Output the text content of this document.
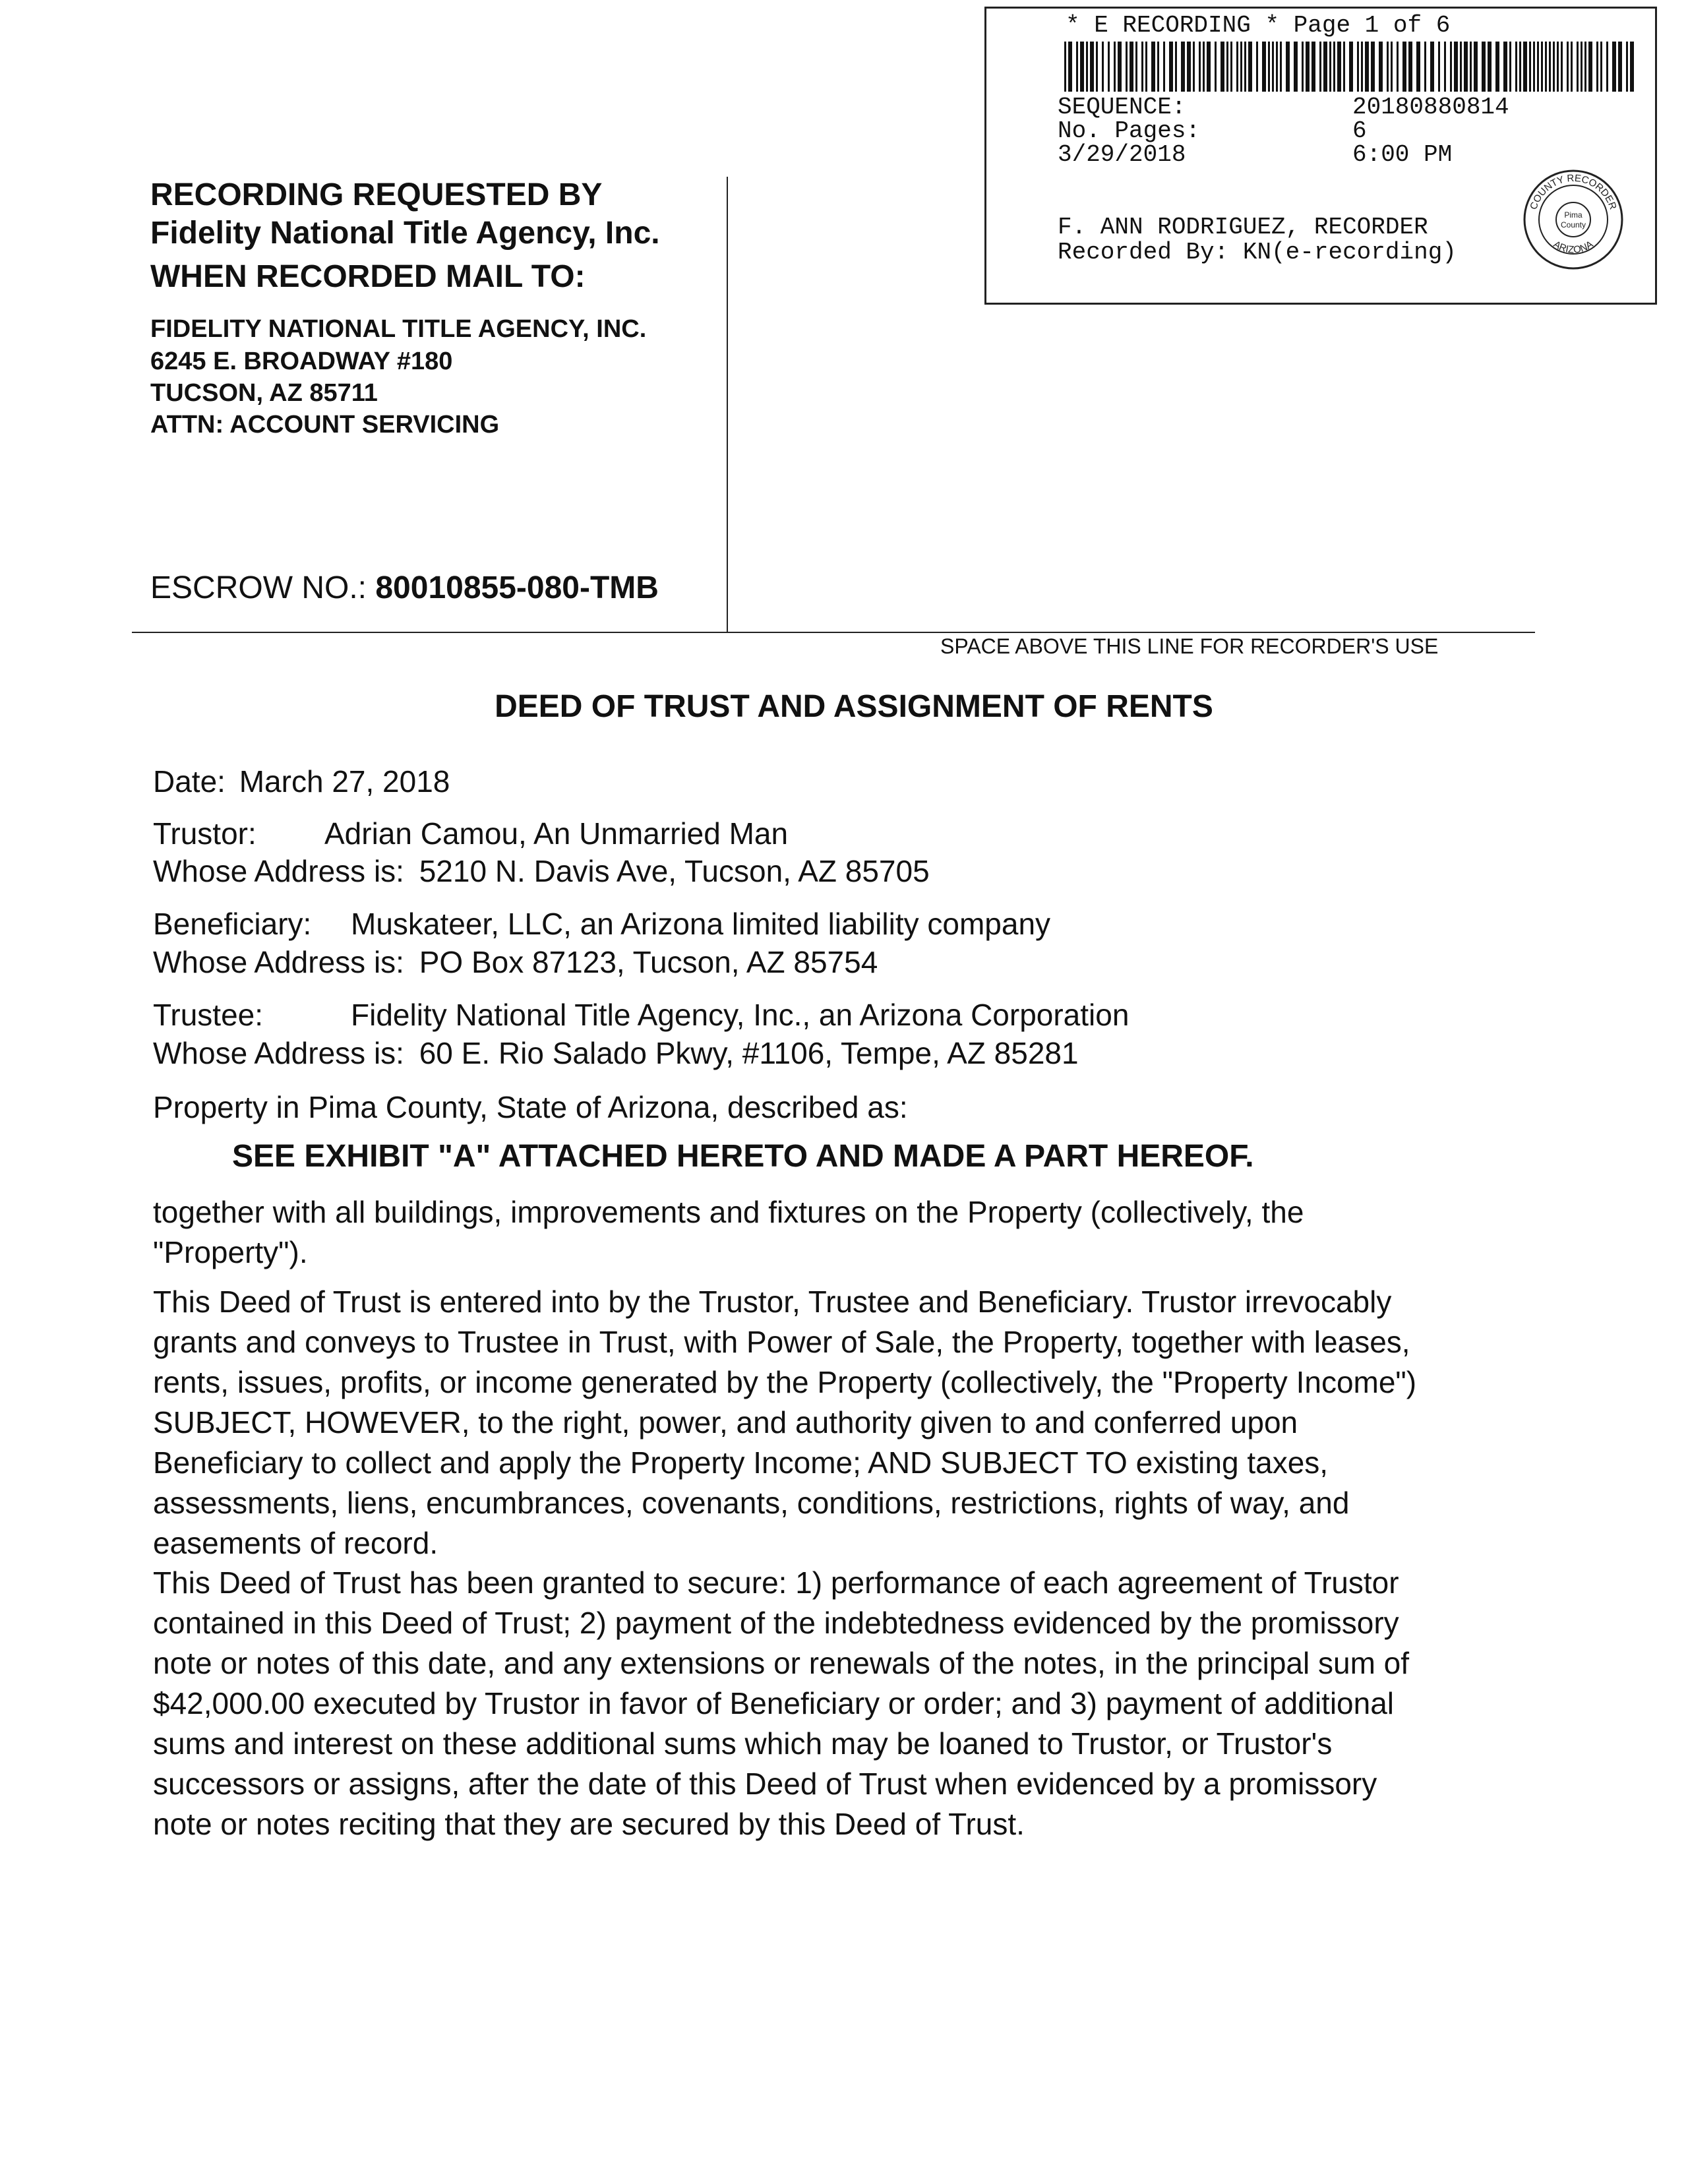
* E RECORDING * Page 1 of 6
SEQUENCE:	20180880814
No. Pages:	6
3/29/2018	6:00 PM
F. ANN RODRIGUEZ, RECORDER
Recorded By: KN(e-recording)
COUNTY RECORDER
ARIZONA
Pima
County
RECORDING REQUESTED BY
Fidelity National Title Agency, Inc.
WHEN RECORDED MAIL TO:
FIDELITY NATIONAL TITLE AGENCY, INC.
6245 E. BROADWAY #180
TUCSON, AZ 85711
ATTN: ACCOUNT SERVICING
ESCROW NO.: 80010855-080-TMB
SPACE ABOVE THIS LINE FOR RECORDER'S USE
DEED OF TRUST AND ASSIGNMENT OF RENTS
Date: March 27, 2018
Trustor: Adrian Camou, An Unmarried Man
Whose Address is: 5210 N. Davis Ave, Tucson, AZ 85705
Beneficiary: Muskateer, LLC, an Arizona limited liability company
Whose Address is: PO Box 87123, Tucson, AZ 85754
Trustee:	Fidelity National Title Agency, Inc., an Arizona Corporation
Whose Address is: 60 E. Rio Salado Pkwy, #1106, Tempe, AZ 85281
Property in Pima County, State of Arizona, described as:
SEE EXHIBIT "A" ATTACHED HERETO AND MADE A PART HEREOF.
together with all buildings, improvements and fixtures on the Property (collectively, the
"Property").
This Deed of Trust is entered into by the Trustor, Trustee and Beneficiary. Trustor irrevocably
grants and conveys to Trustee in Trust, with Power of Sale, the Property, together with leases,
rents, issues, profits, or income generated by the Property (collectively, the "Property Income")
SUBJECT, HOWEVER, to the right, power, and authority given to and conferred upon
Beneficiary to collect and apply the Property Income; AND SUBJECT TO existing taxes,
assessments, liens, encumbrances, covenants, conditions, restrictions, rights of way, and
easements of record.
This Deed of Trust has been granted to secure: 1) performance of each agreement of Trustor
contained in this Deed of Trust; 2) payment of the indebtedness evidenced by the promissory
note or notes of this date, and any extensions or renewals of the notes, in the principal sum of
$42,000.00 executed by Trustor in favor of Beneficiary or order; and 3) payment of additional
sums and interest on these additional sums which may be loaned to Trustor, or Trustor's
successors or assigns, after the date of this Deed of Trust when evidenced by a promissory
note or notes reciting that they are secured by this Deed of Trust.
